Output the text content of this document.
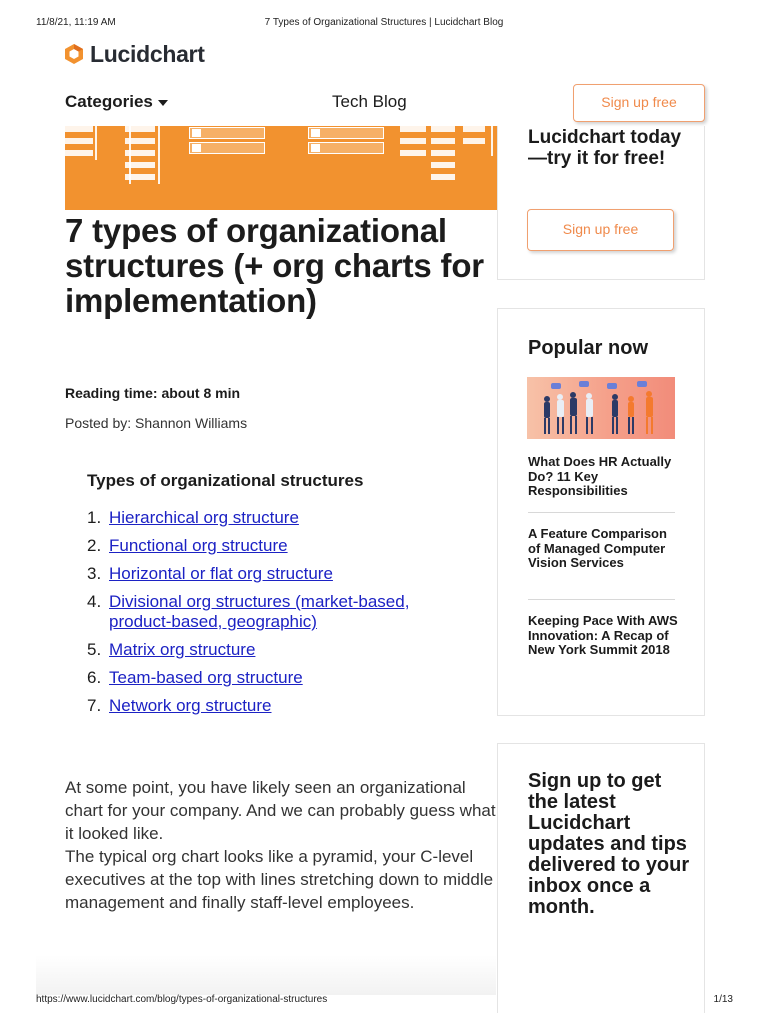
11/8/21, 11:19 AM	7 Types of Organizational Structures | Lucidchart Blog
Lucidchart
Categories	Tech Blog	Sign up free
Lucidchart today—try it for free!
Sign up free
7 types of organizational structures (+ org charts for implementation)
Reading time: about 8 min
Posted by: Shannon Williams
Types of organizational structures
1. Hierarchical org structure
2. Functional org structure
3. Horizontal or flat org structure
4. Divisional org structures (market-based, product-based, geographic)
5. Matrix org structure
6. Team-based org structure
7. Network org structure

At some point, you have likely seen an organizational chart for your company. And we can probably guess what it looked like.

The typical org chart looks like a pyramid, your C-level executives at the top with lines stretching down to middle management and finally staff-level employees.

Popular now
What Does HR Actually Do? 11 Key Responsibilities
A Feature Comparison of Managed Computer Vision Services
Keeping Pace With AWS Innovation: A Recap of New York Summit 2018
Sign up to get the latest Lucidchart updates and tips delivered to your inbox once a month.
https://www.lucidchart.com/blog/types-of-organizational-structures	1/13
